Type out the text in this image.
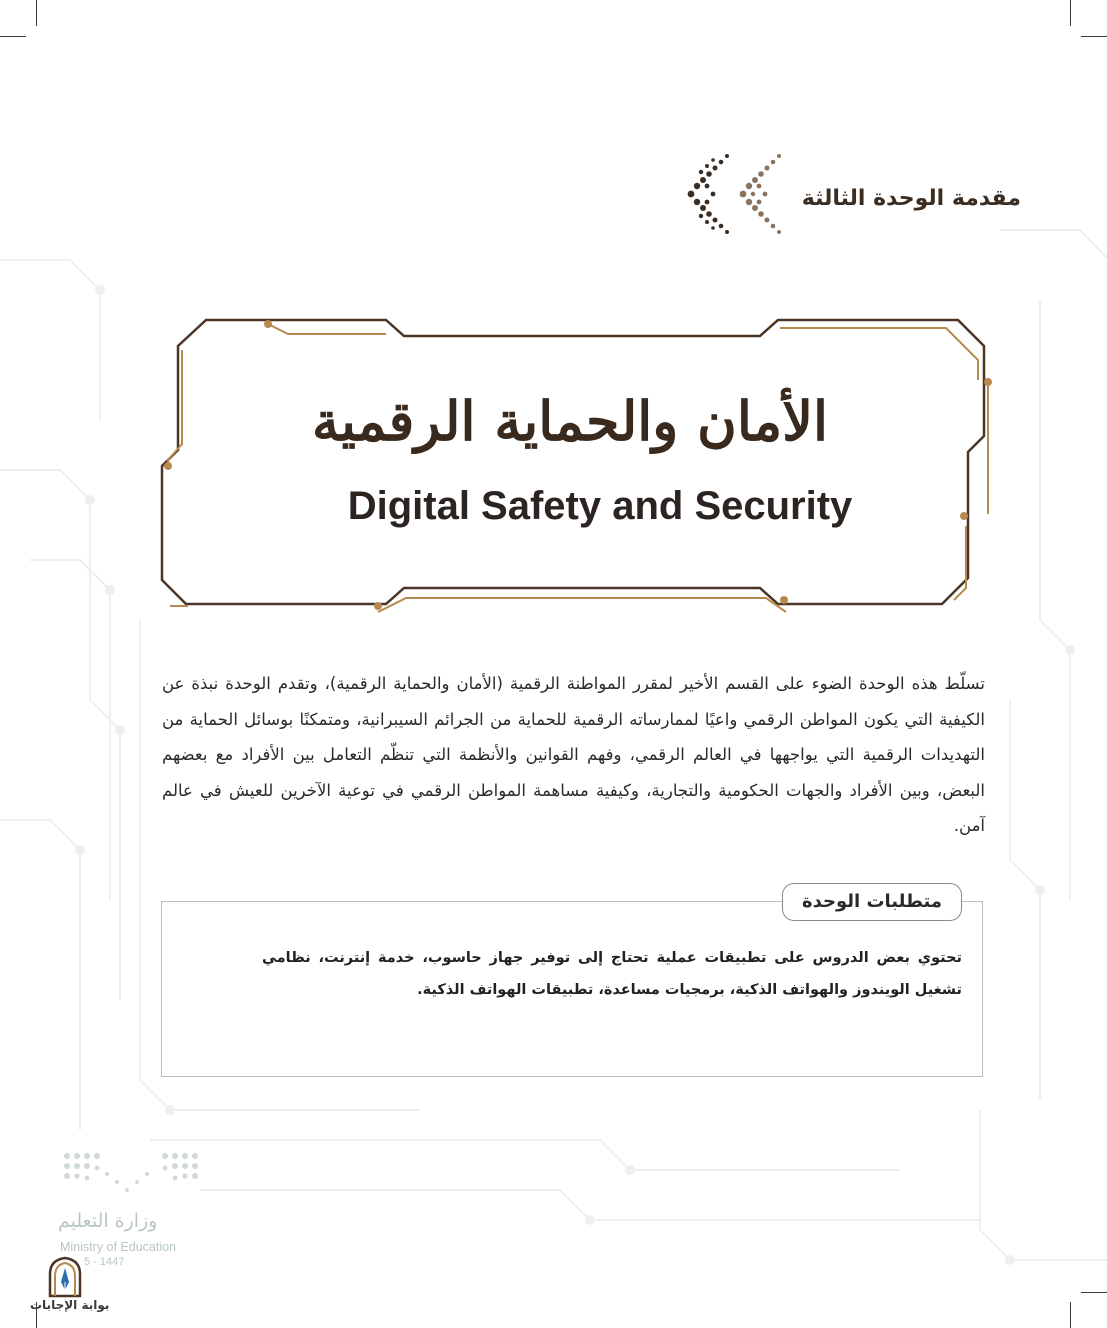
مقدمة الوحدة الثالثة
الأمان والحماية الرقمية
Digital Safety and Security
تسلّط هذه الوحدة الضوء على القسم الأخير لمقرر المواطنة الرقمية (الأمان والحماية الرقمية)، وتقدم الوحدة نبذة عن الكيفية التي يكون المواطن الرقمي واعيًا لممارساته الرقمية للحماية من الجرائم السيبرانية، ومتمكنًا بوسائل الحماية من التهديدات الرقمية التي يواجهها في العالم الرقمي، وفهم القوانين والأنظمة التي تنظّم التعامل بين الأفراد مع بعضهم البعض، وبين الأفراد والجهات الحكومية والتجارية، وكيفية مساهمة المواطن الرقمي في توعية الآخرين للعيش في عالم آمن.
متطلبات الوحدة
تحتوي بعض الدروس على تطبيقات عملية تحتاج إلى توفير جهاز حاسوب، خدمة إنترنت، نظامي تشغيل الويندوز والهواتف الذكية، برمجيات مساعدة، تطبيقات الهواتف الذكية.
وزارة التعليم
Ministry of Education
5 - 1447
بوابة الإجابات
